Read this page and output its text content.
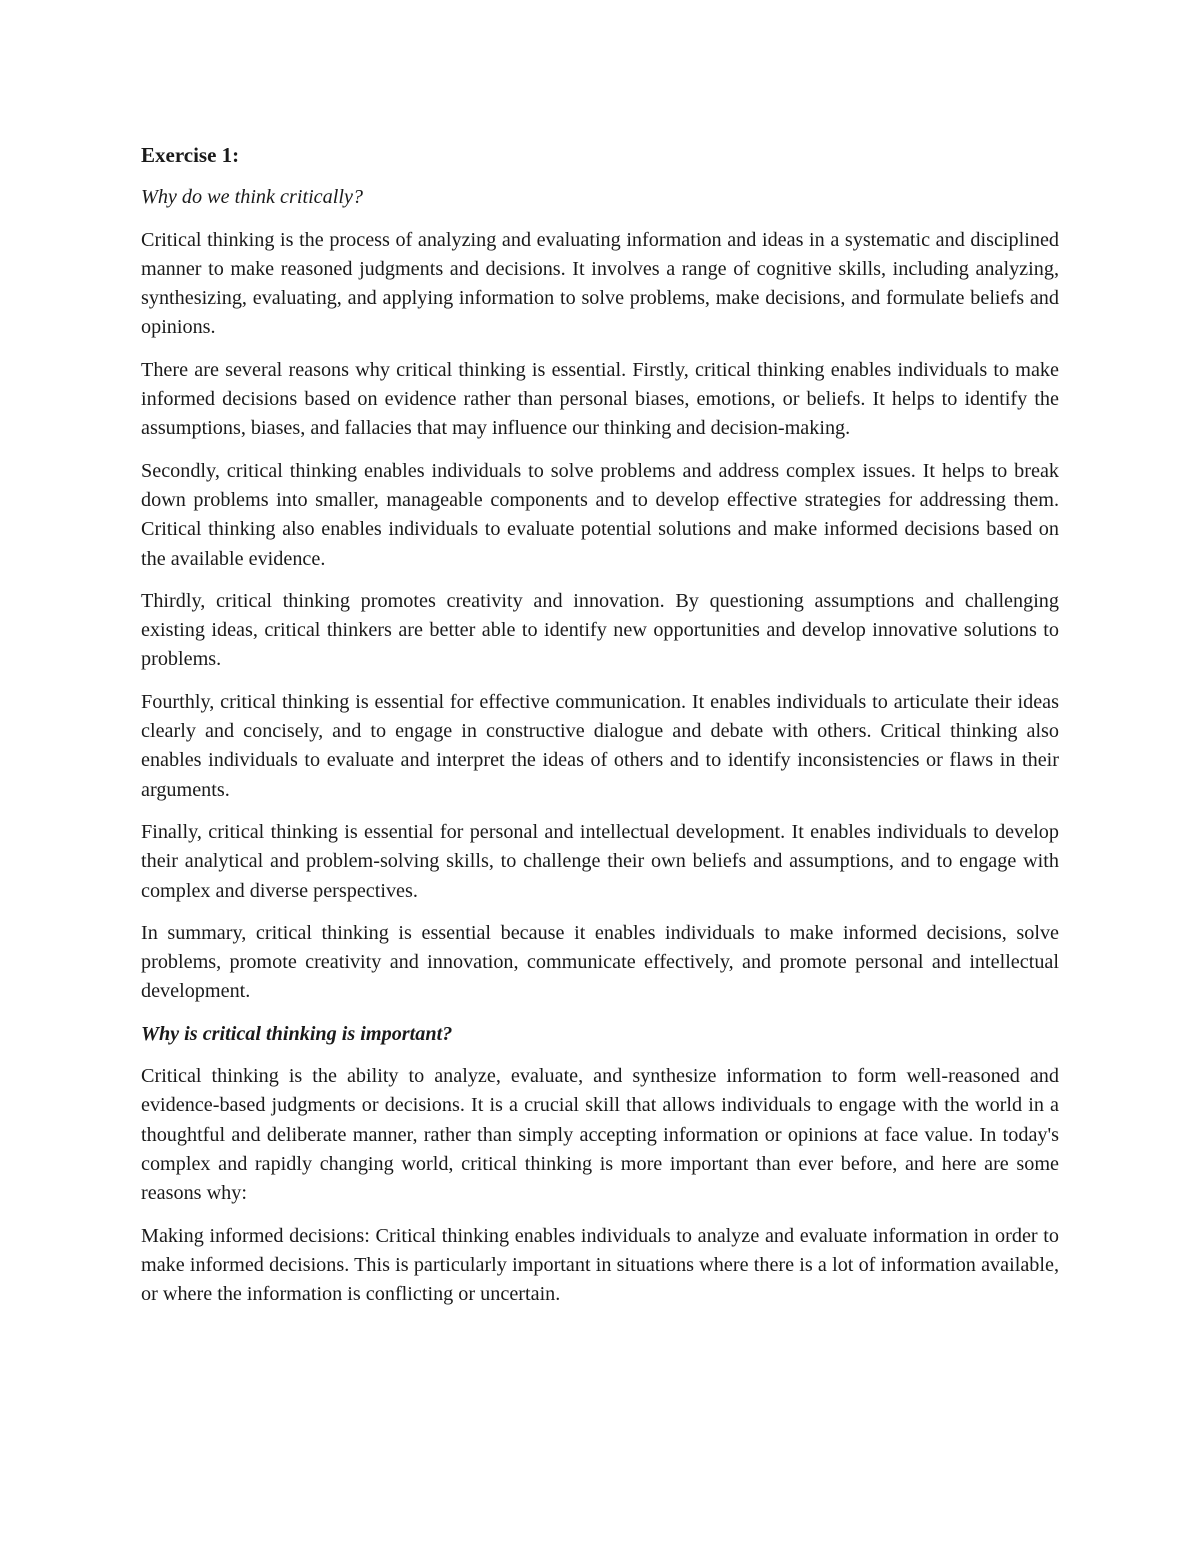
Exercise 1:
Why do we think critically?

Critical thinking is the process of analyzing and evaluating information and ideas in a systematic and disciplined manner to make reasoned judgments and decisions. It involves a range of cognitive skills, including analyzing, synthesizing, evaluating, and applying information to solve problems, make decisions, and formulate beliefs and opinions.

There are several reasons why critical thinking is essential. Firstly, critical thinking enables individuals to make informed decisions based on evidence rather than personal biases, emotions, or beliefs. It helps to identify the assumptions, biases, and fallacies that may influence our thinking and decision-making.

Secondly, critical thinking enables individuals to solve problems and address complex issues. It helps to break down problems into smaller, manageable components and to develop effective strategies for addressing them. Critical thinking also enables individuals to evaluate potential solutions and make informed decisions based on the available evidence.

Thirdly, critical thinking promotes creativity and innovation. By questioning assumptions and challenging existing ideas, critical thinkers are better able to identify new opportunities and develop innovative solutions to problems.

Fourthly, critical thinking is essential for effective communication. It enables individuals to articulate their ideas clearly and concisely, and to engage in constructive dialogue and debate with others. Critical thinking also enables individuals to evaluate and interpret the ideas of others and to identify inconsistencies or flaws in their arguments.

Finally, critical thinking is essential for personal and intellectual development. It enables individuals to develop their analytical and problem-solving skills, to challenge their own beliefs and assumptions, and to engage with complex and diverse perspectives.

In summary, critical thinking is essential because it enables individuals to make informed decisions, solve problems, promote creativity and innovation, communicate effectively, and promote personal and intellectual development.

Why is critical thinking is important?

Critical thinking is the ability to analyze, evaluate, and synthesize information to form well-reasoned and evidence-based judgments or decisions. It is a crucial skill that allows individuals to engage with the world in a thoughtful and deliberate manner, rather than simply accepting information or opinions at face value. In today's complex and rapidly changing world, critical thinking is more important than ever before, and here are some reasons why:

Making informed decisions: Critical thinking enables individuals to analyze and evaluate information in order to make informed decisions. This is particularly important in situations where there is a lot of information available, or where the information is conflicting or uncertain.
